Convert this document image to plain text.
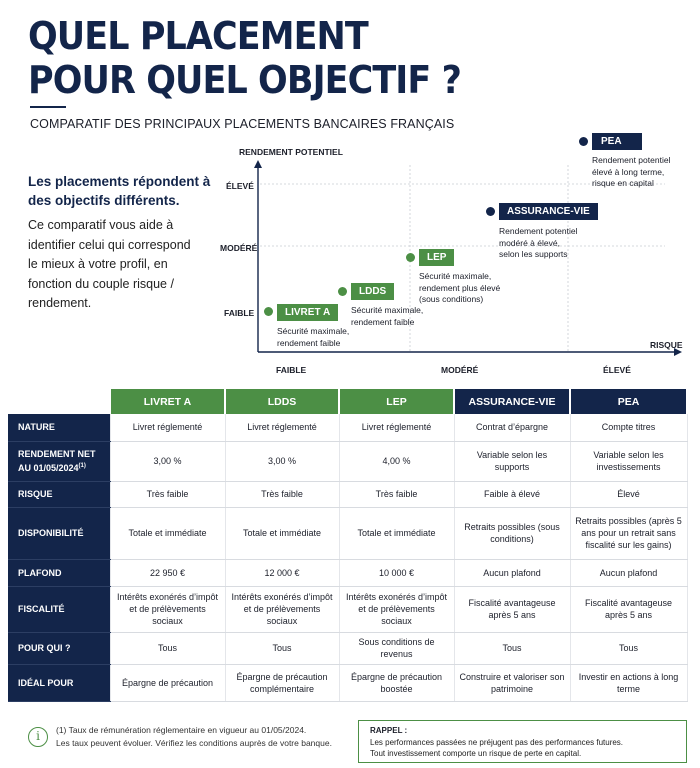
QUEL PLACEMENT
POUR QUEL OBJECTIF ?
COMPARATIF DES PRINCIPAUX PLACEMENTS BANCAIRES FRANÇAIS
Les placements répondent à des objectifs différents.
Ce comparatif vous aide à identifier celui qui correspond le mieux à votre profil, en fonction du couple risque / rendement.
RENDEMENT POTENTIEL
RISQUE
ÉLEVÉ
MODÉRÉ
FAIBLE
FAIBLE	MODÉRÉ	ÉLEVÉ
LIVRET A
Sécurité maximale,
rendement faible
LDDS
Sécurité maximale,
rendement faible
LEP
Sécurité maximale,
rendement plus élevé
(sous conditions)
ASSURANCE-VIE
Rendement potentiel
modéré à élevé,
selon les supports
PEA
Rendement potentiel
élevé à long terme,
risque en capital
	LIVRET A	LDDS	LEP	ASSURANCE-VIE	PEA
NATURE	Livret réglementé	Livret réglementé	Livret réglementé	Contrat d’épargne	Compte titres
RENDEMENT NET AU 01/05/2024$^{(1)}$	3,00 %	3,00 %	4,00 %	Variable selon les supports	Variable selon les investissements
RISQUE	Très faible	Très faible	Très faible	Faible à élevé	Élevé
DISPONIBILITÉ	Totale et immédiate	Totale et immédiate	Totale et immédiate	Retraits possibles (sous conditions)	Retraits possibles (après 5 ans pour un retrait sans fiscalité sur les gains)
PLAFOND	22 950 €	12 000 €	10 000 €	Aucun plafond	Aucun plafond
FISCALITÉ	Intérêts exonérés d’impôt et de prélèvements sociaux	Intérêts exonérés d’impôt et de prélèvements sociaux	Intérêts exonérés d’impôt et de prélèvements sociaux	Fiscalité avantageuse après 5 ans	Fiscalité avantageuse après 5 ans
POUR QUI ?	Tous	Tous	Sous conditions de revenus	Tous	Tous
IDÉAL POUR	Épargne de précaution	Épargne de précaution complémentaire	Épargne de précaution boostée	Construire et valoriser son patrimoine	Investir en actions à long terme
i	(1) Taux de rémunération réglementaire en vigueur au 01/05/2024.
Les taux peuvent évoluer. Vérifiez les conditions auprès de votre banque.
RAPPEL :
Les performances passées ne préjugent pas des performances futures.
Tout investissement comporte un risque de perte en capital.
